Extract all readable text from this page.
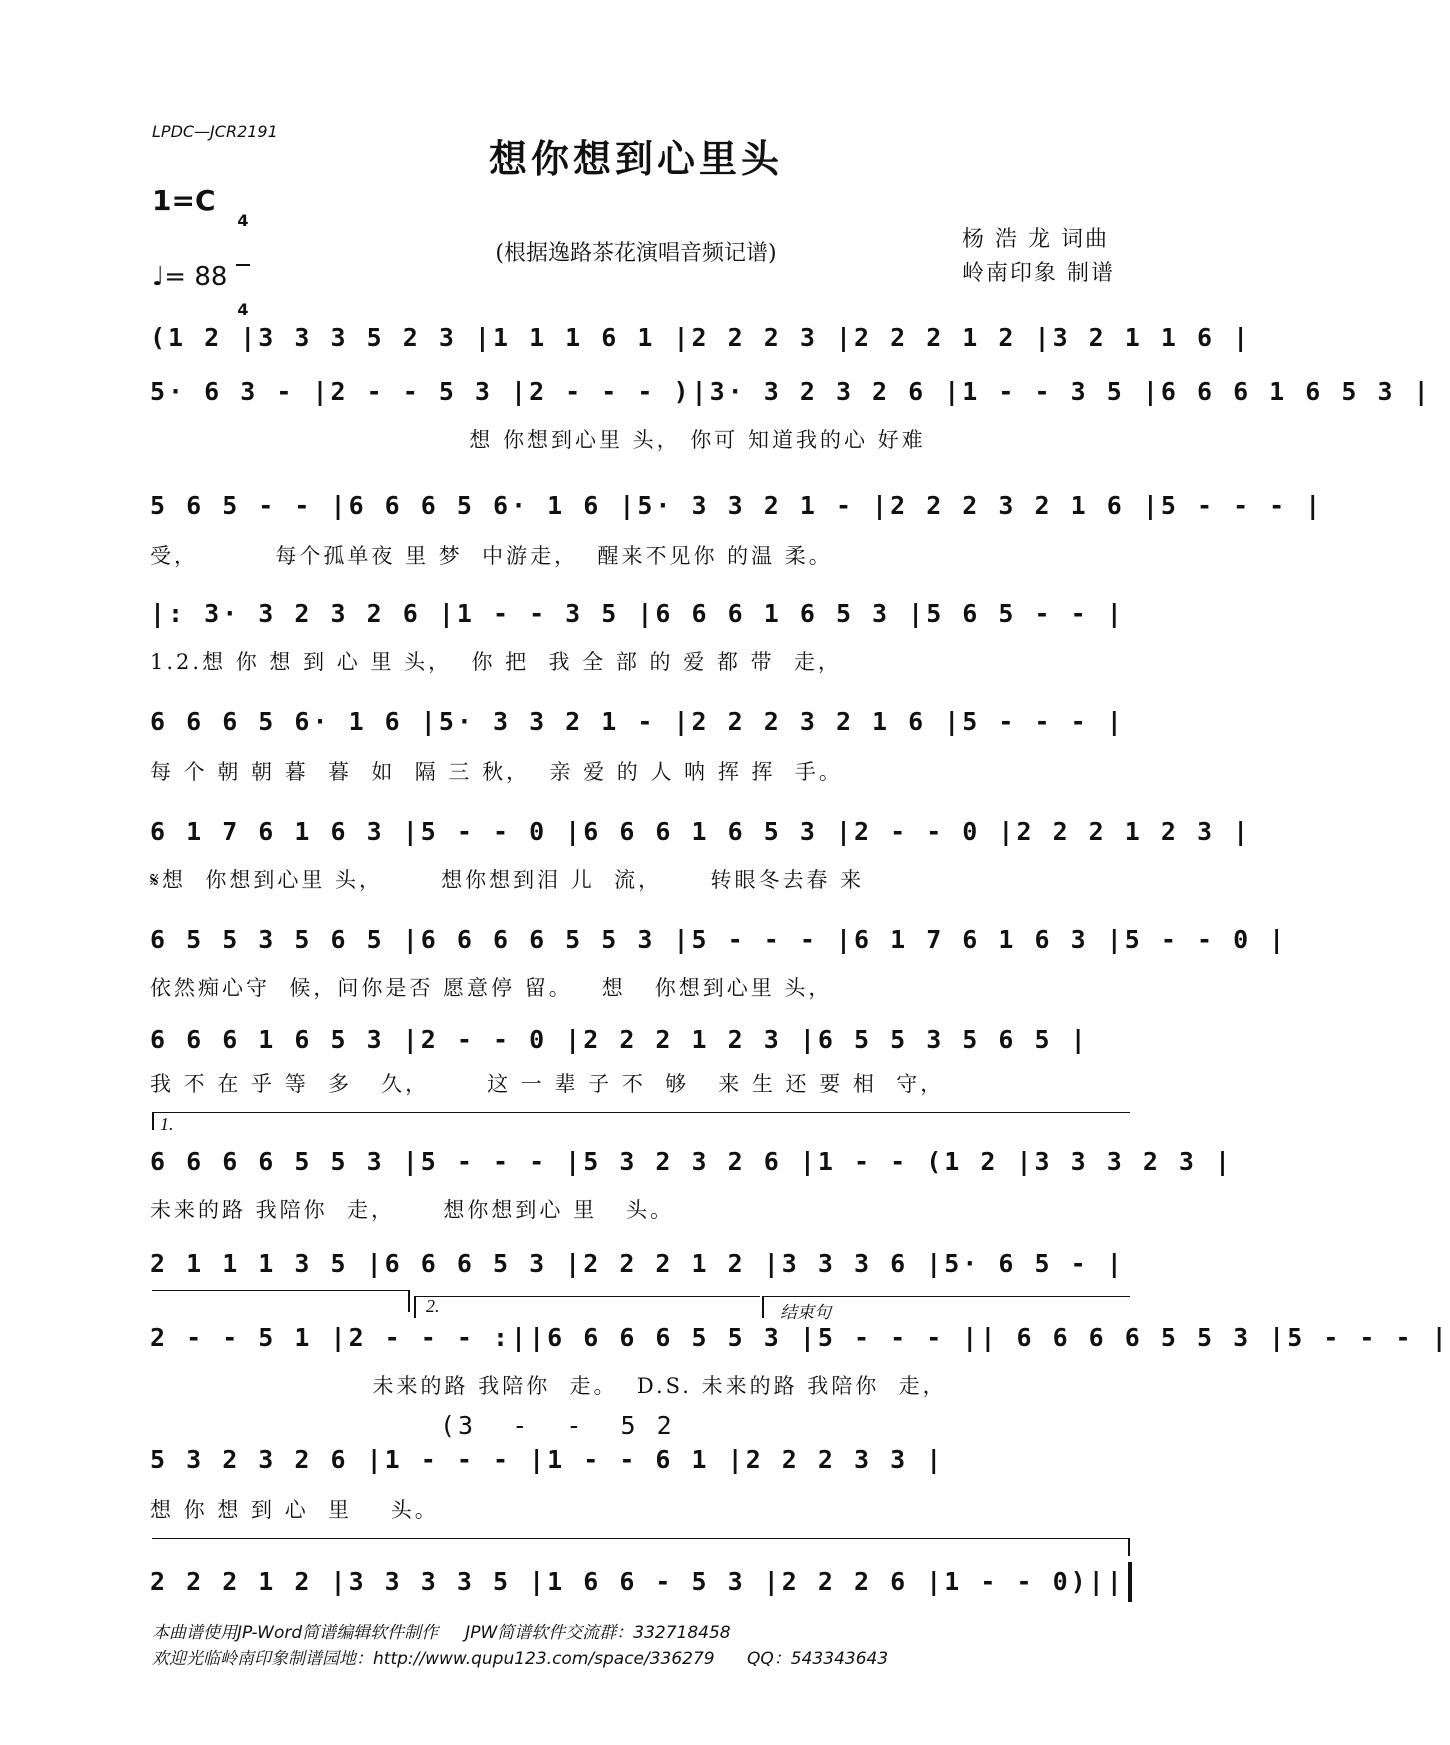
LPDC—JCR2191
想你想到心里头
1=C

4

4

♩= 88
(根据逸路茶花演唱音频记谱)
杨 浩 龙 词曲
岭南印象 制谱
(1 2 |3 3 3 5 2 3 |1 1 1 6 1 |2 2 2 3 |2 2 2 1 2 |3 2 1 1 6 |
5· 6 3 - |2 - - 5 3 |2 - - - )|3· 3 2 3 2 6 |1 - - 3 5 |6 6 6 1 6 5 3 |
想 你想到心里 头， 你可 知道我的心 好难
5 6 5 - - |6 6 6 5 6· 1 6 |5· 3 3 2 1 - |2 2 2 3 2 1 6 |5 - - - |
受，        每个孤单夜 里 梦  中游走，  醒来不见你 的温 柔。
|: 3· 3 2 3 2 6 |1 - - 3 5 |6 6 6 1 6 5 3 |5 6 5 - - |
1.2.想 你 想 到 心 里 头，  你 把  我 全 部 的 爱 都 带  走，
6 6 6 5 6· 1 6 |5· 3 3 2 1 - |2 2 2 3 2 1 6 |5 - - - |
每 个 朝 朝 暮  暮  如  隔 三 秋，  亲 爱 的 人 呐 挥 挥  手。
6 1 7 6 1 6 3 |5 - - 0 |6 6 6 1 6 5 3 |2 - - 0 |2 2 2 1 2 3 |
𝄋想  你想到心里 头，      想你想到泪 儿  流，     转眼冬去春 来
6 5 5 3 5 6 5 |6 6 6 6 5 5 3 |5 - - - |6 1 7 6 1 6 3 |5 - - 0 |
依然痴心守  候，问你是否 愿意停 留。   想   你想到心里 头，
6 6 6 1 6 5 3 |2 - - 0 |2 2 2 1 2 3 |6 5 5 3 5 6 5 |
我 不 在 乎 等  多   久，      这 一 辈 子 不  够   来 生 还 要 相  守，
1.
6 6 6 6 5 5 3 |5 - - - |5 3 2 3 2 6 |1 - - (1 2 |3 3 3 2 3 |
未来的路 我陪你  走，     想你想到心 里   头。
2 1 1 1 3 5 |6 6 6 5 3 |2 2 2 1 2 |3 3 3 6 |5· 6 5 - |
2.	结束句
2 - - 5 1 |2 - - - :||6 6 6 6 5 5 3 |5 - - - || 6 6 6 6 5 5 3 |5 - - - |
未来的路 我陪你  走。  D.S. 未来的路 我陪你  走，
(3  -  -  5 2
5 3 2 3 2 6 |1 - - - |1 - - 6 1 |2 2 2 3 3 |
想 你 想 到 心  里    头。
2 2 2 1 2 |3 3 3 3 5 |1 6 6 - 5 3 |2 2 2 6 |1 - - 0)||
本曲谱使用JP-Word简谱编辑软件制作     JPW简谱软件交流群：332718458
欢迎光临岭南印象制谱园地：http://www.qupu123.com/space/336279      QQ：543343643
